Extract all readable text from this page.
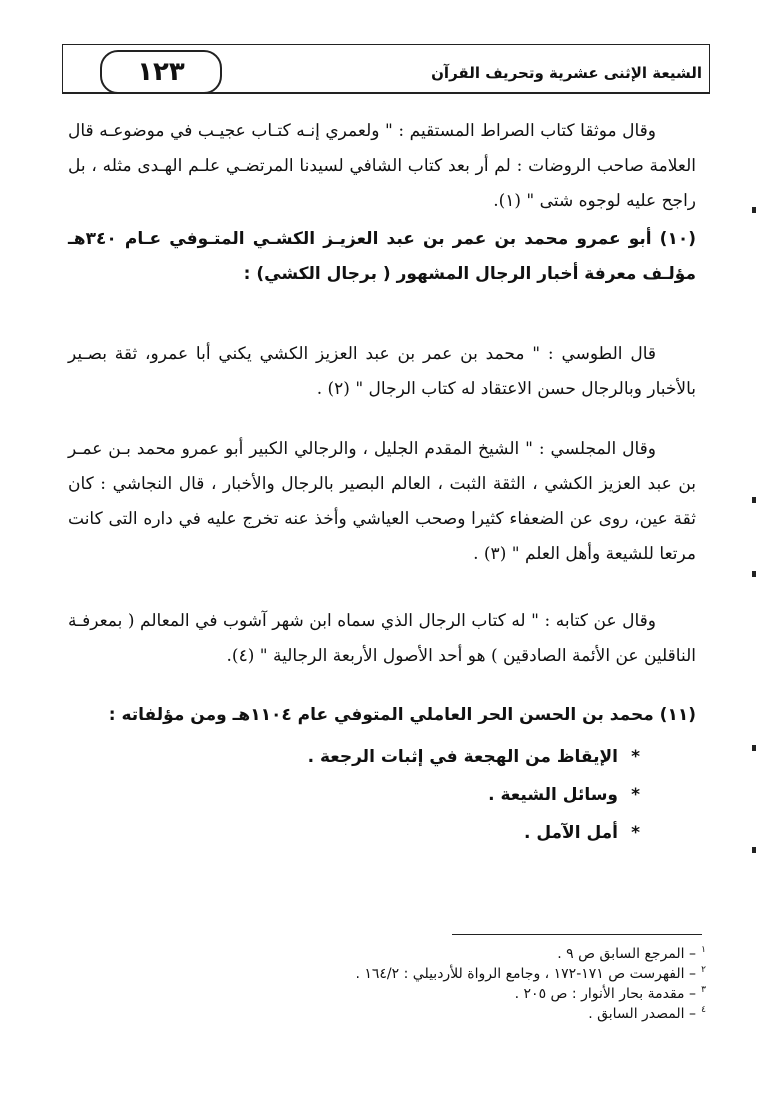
الشيعة الإثنى عشرية وتحريف القرآن
١٢٣

وقال موثقا كتاب الصراط المستقيم : " ولعمري إنـه كتـاب عجيـب في موضوعـه قال العلامة صاحب الروضات : لم أر بعد كتاب الشافي لسيدنا المرتضـي علـم الهـدى مثله ، بل راجح عليه لوجوه شتى " (١).

(١٠) أبو عمرو محمد بن عمر بن عبد العزيـز الكشـي المتـوفي عـام ٣٤٠هـ مؤلـف معرفة أخبار الرجال المشهور ( برجال الكشي) :

قال الطوسي : " محمد بن عمر بن عبد العزيز الكشي يكني أبا عمرو، ثقة بصـير بالأخبار وبالرجال حسن الاعتقاد له كتاب الرجال " (٢) .

وقال المجلسي : " الشيخ المقدم الجليل ، والرجالي الكبير أبو عمرو محمد بـن عمـر بن عبد العزيز الكشي ، الثقة الثبت ، العالم البصير بالرجال والأخبار ، قال النجاشي : كان ثقة عين، روى عن الضعفاء كثيرا وصحب العياشي وأخذ عنه تخرج عليه في داره التى كانت مرتعا للشيعة وأهل العلم " (٣) .

وقال عن كتابه : " له كتاب الرجال الذي سماه ابن شهر آشوب في المعالم ( بمعرفـة الناقلين عن الأئمة الصادقين ) هو أحد الأصول الأربعة الرجالية " (٤).

(١١) محمد بن الحسن الحر العاملي المتوفي عام ١١٠٤هـ ومن مؤلفاته :

*الإيقاظ من الهجعة في إثبات الرجعة .
*وسائل الشيعة .
*أمل الآمل .
١– المرجع السابق ص ٩ .
٢– الفهرست ص ١٧١-١٧٢ ، وجامع الرواة للأردبيلي : ١٦٤/٢ .
٣– مقدمة بحار الأنوار : ص ٢٠٥ .
٤– المصدر السابق .
